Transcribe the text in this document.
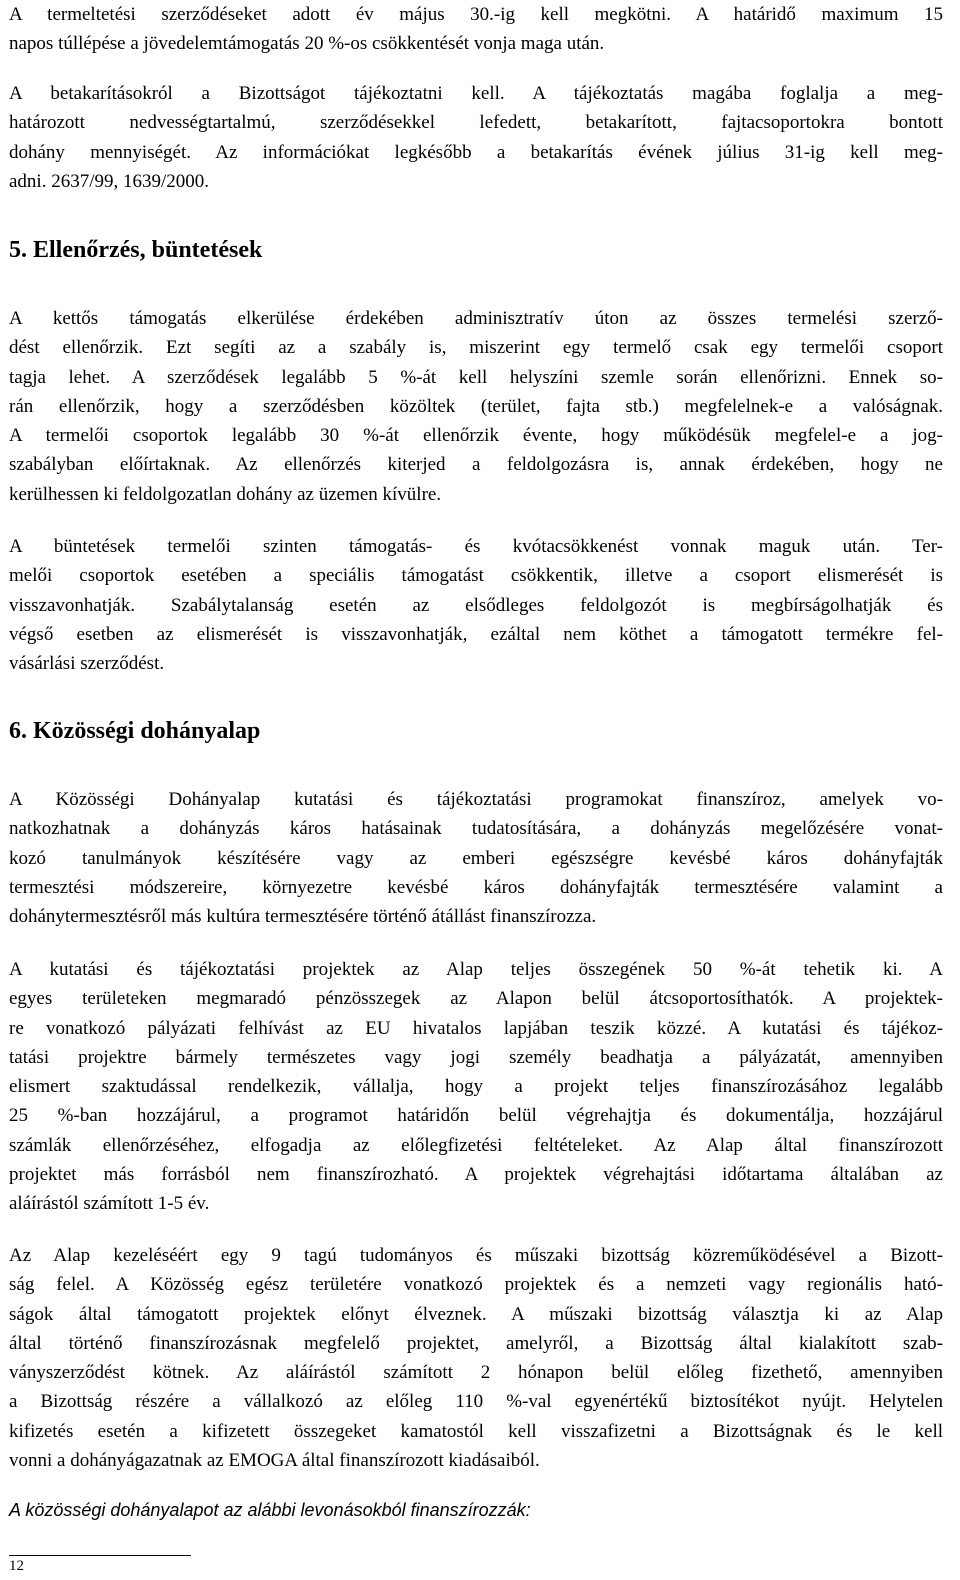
A termeltetési szerződéseket adott év május 30.-ig kell megkötni. A határidő maximum 15
napos túllépése a jövedelemtámogatás 20 %-os csökkentését vonja maga után.
A betakarításokról a Bizottságot tájékoztatni kell. A tájékoztatás magába foglalja a meg-
határozott nedvességtartalmú, szerződésekkel lefedett, betakarított, fajtacsoportokra bontott
dohány mennyiségét. Az információkat legkésőbb a betakarítás évének július 31-ig kell meg-
adni. 2637/99, 1639/2000.
5. Ellenőrzés, büntetések
A kettős támogatás elkerülése érdekében adminisztratív úton az összes termelési szerző-
dést ellenőrzik. Ezt segíti az a szabály is, miszerint egy termelő csak egy termelői csoport
tagja lehet. A szerződések legalább 5 %-át kell helyszíni szemle során ellenőrizni. Ennek so-
rán ellenőrzik, hogy a szerződésben közöltek (terület, fajta stb.) megfelelnek-e a valóságnak.
A termelői csoportok legalább 30 %-át ellenőrzik évente, hogy működésük megfelel-e a jog-
szabályban előírtaknak. Az ellenőrzés kiterjed a feldolgozásra is, annak érdekében, hogy ne
kerülhessen ki feldolgozatlan dohány az üzemen kívülre.
A büntetések termelői szinten támogatás- és kvótacsökkenést vonnak maguk után. Ter-
melői csoportok esetében a speciális támogatást csökkentik, illetve a csoport elismerését is
visszavonhatják. Szabálytalanság esetén az elsődleges feldolgozót is megbírságolhatják és
végső esetben az elismerését is visszavonhatják, ezáltal nem köthet a támogatott termékre fel-
vásárlási szerződést.
6. Közösségi dohányalap
A Közösségi Dohányalap kutatási és tájékoztatási programokat finanszíroz, amelyek vo-
natkozhatnak a dohányzás káros hatásainak tudatosítására, a dohányzás megelőzésére vonat-
kozó tanulmányok készítésére vagy az emberi egészségre kevésbé káros dohányfajták
termesztési módszereire, környezetre kevésbé káros dohányfajták termesztésére valamint a
dohánytermesztésről más kultúra termesztésére történő átállást finanszírozza.
A kutatási és tájékoztatási projektek az Alap teljes összegének 50 %-át tehetik ki. A
egyes területeken megmaradó pénzösszegek az Alapon belül átcsoportosíthatók. A projektek-
re vonatkozó pályázati felhívást az EU hivatalos lapjában teszik közzé. A kutatási és tájékoz-
tatási projektre bármely természetes vagy jogi személy beadhatja a pályázatát, amennyiben
elismert szaktudással rendelkezik, vállalja, hogy a projekt teljes finanszírozásához legalább
25 %-ban hozzájárul, a programot határidőn belül végrehajtja és dokumentálja, hozzájárul
számlák ellenőrzéséhez, elfogadja az előlegfizetési feltételeket. Az Alap által finanszírozott
projektet más forrásból nem finanszírozható. A projektek végrehajtási időtartama általában az
aláírástól számított 1-5 év.
Az Alap kezeléséért egy 9 tagú tudományos és műszaki bizottság közreműködésével a Bizott-
ság felel. A Közösség egész területére vonatkozó projektek és a nemzeti vagy regionális ható-
ságok által támogatott projektek előnyt élveznek. A műszaki bizottság választja ki az Alap
által történő finanszírozásnak megfelelő projektet, amelyről, a Bizottság által kialakított szab-
ványszerződést kötnek. Az aláírástól számított 2 hónapon belül előleg fizethető, amennyiben
a Bizottság részére a vállalkozó az előleg 110 %-val egyenértékű biztosítékot nyújt. Helytelen
kifizetés esetén a kifizetett összegeket kamatostól kell visszafizetni a Bizottságnak és le kell
vonni a dohányágazatnak az EMOGA által finanszírozott kiadásaiból.
A közösségi dohányalapot az alábbi levonásokból finanszírozzák:
12
